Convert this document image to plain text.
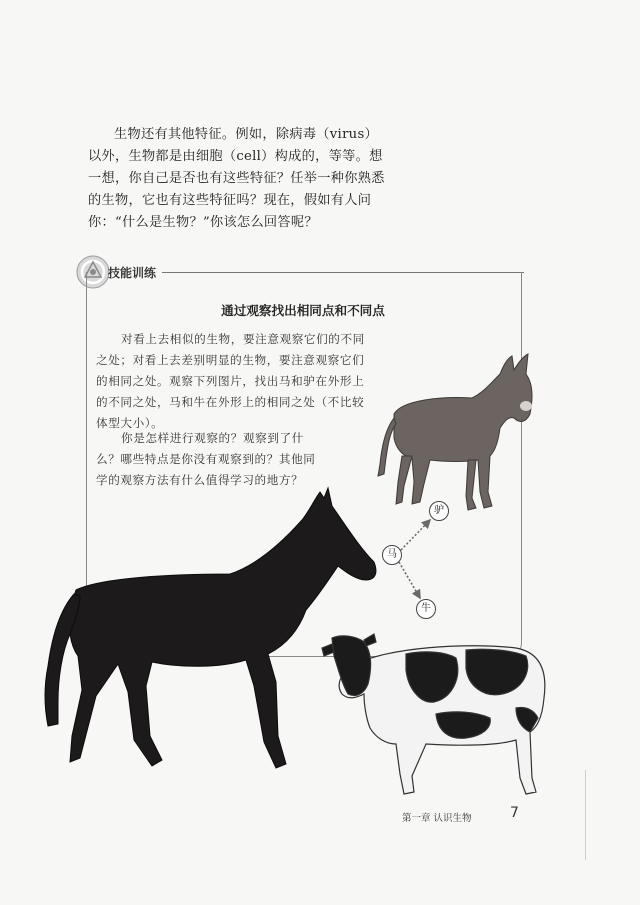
生物还有其他特征。例如，除病毒（virus）以外，生物都是由细胞（cell）构成的，等等。想一想，你自己是否也有这些特征？任举一种你熟悉的生物，它也有这些特征吗？现在，假如有人问你：“什么是生物？”你该怎么回答呢？

技能训练
通过观察找出相同点和不同点

对看上去相似的生物，要注意观察它们的不同之处；对看上去差别明显的生物，要注意观察它们的相同之处。观察下列图片，找出马和驴在外形上的不同之处，马和牛在外形上的相同之处（不比较体型大小）。

你是怎样进行观察的？观察到了什么？哪些特点是你没有观察到的？其他同学的观察方法有什么值得学习的地方？

驴
马
牛
第一章 认识生物	7
